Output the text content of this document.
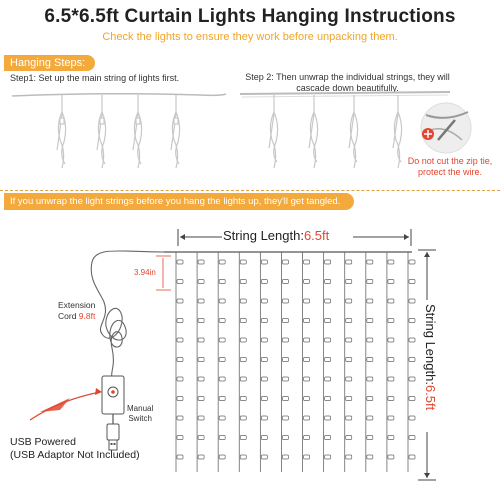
6.5*6.5ft Curtain Lights Hanging Instructions
Check the lights to ensure they work before unpacking them.
Hanging Steps:
Step1: Set up the main string of lights first.	Step 2: Then unwrap the individual strings, they will cascade down beautifully.
Do not cut the zip tie,
protect the wire.
If you unwrap the light strings before you hang the lights up, they'll get tangled.
String Length:6.5ft
3.94in
Extension
Cord 9.8ft
Manual
Switch
USB Powered
(USB Adaptor Not Included)
String Length:6.5ft
